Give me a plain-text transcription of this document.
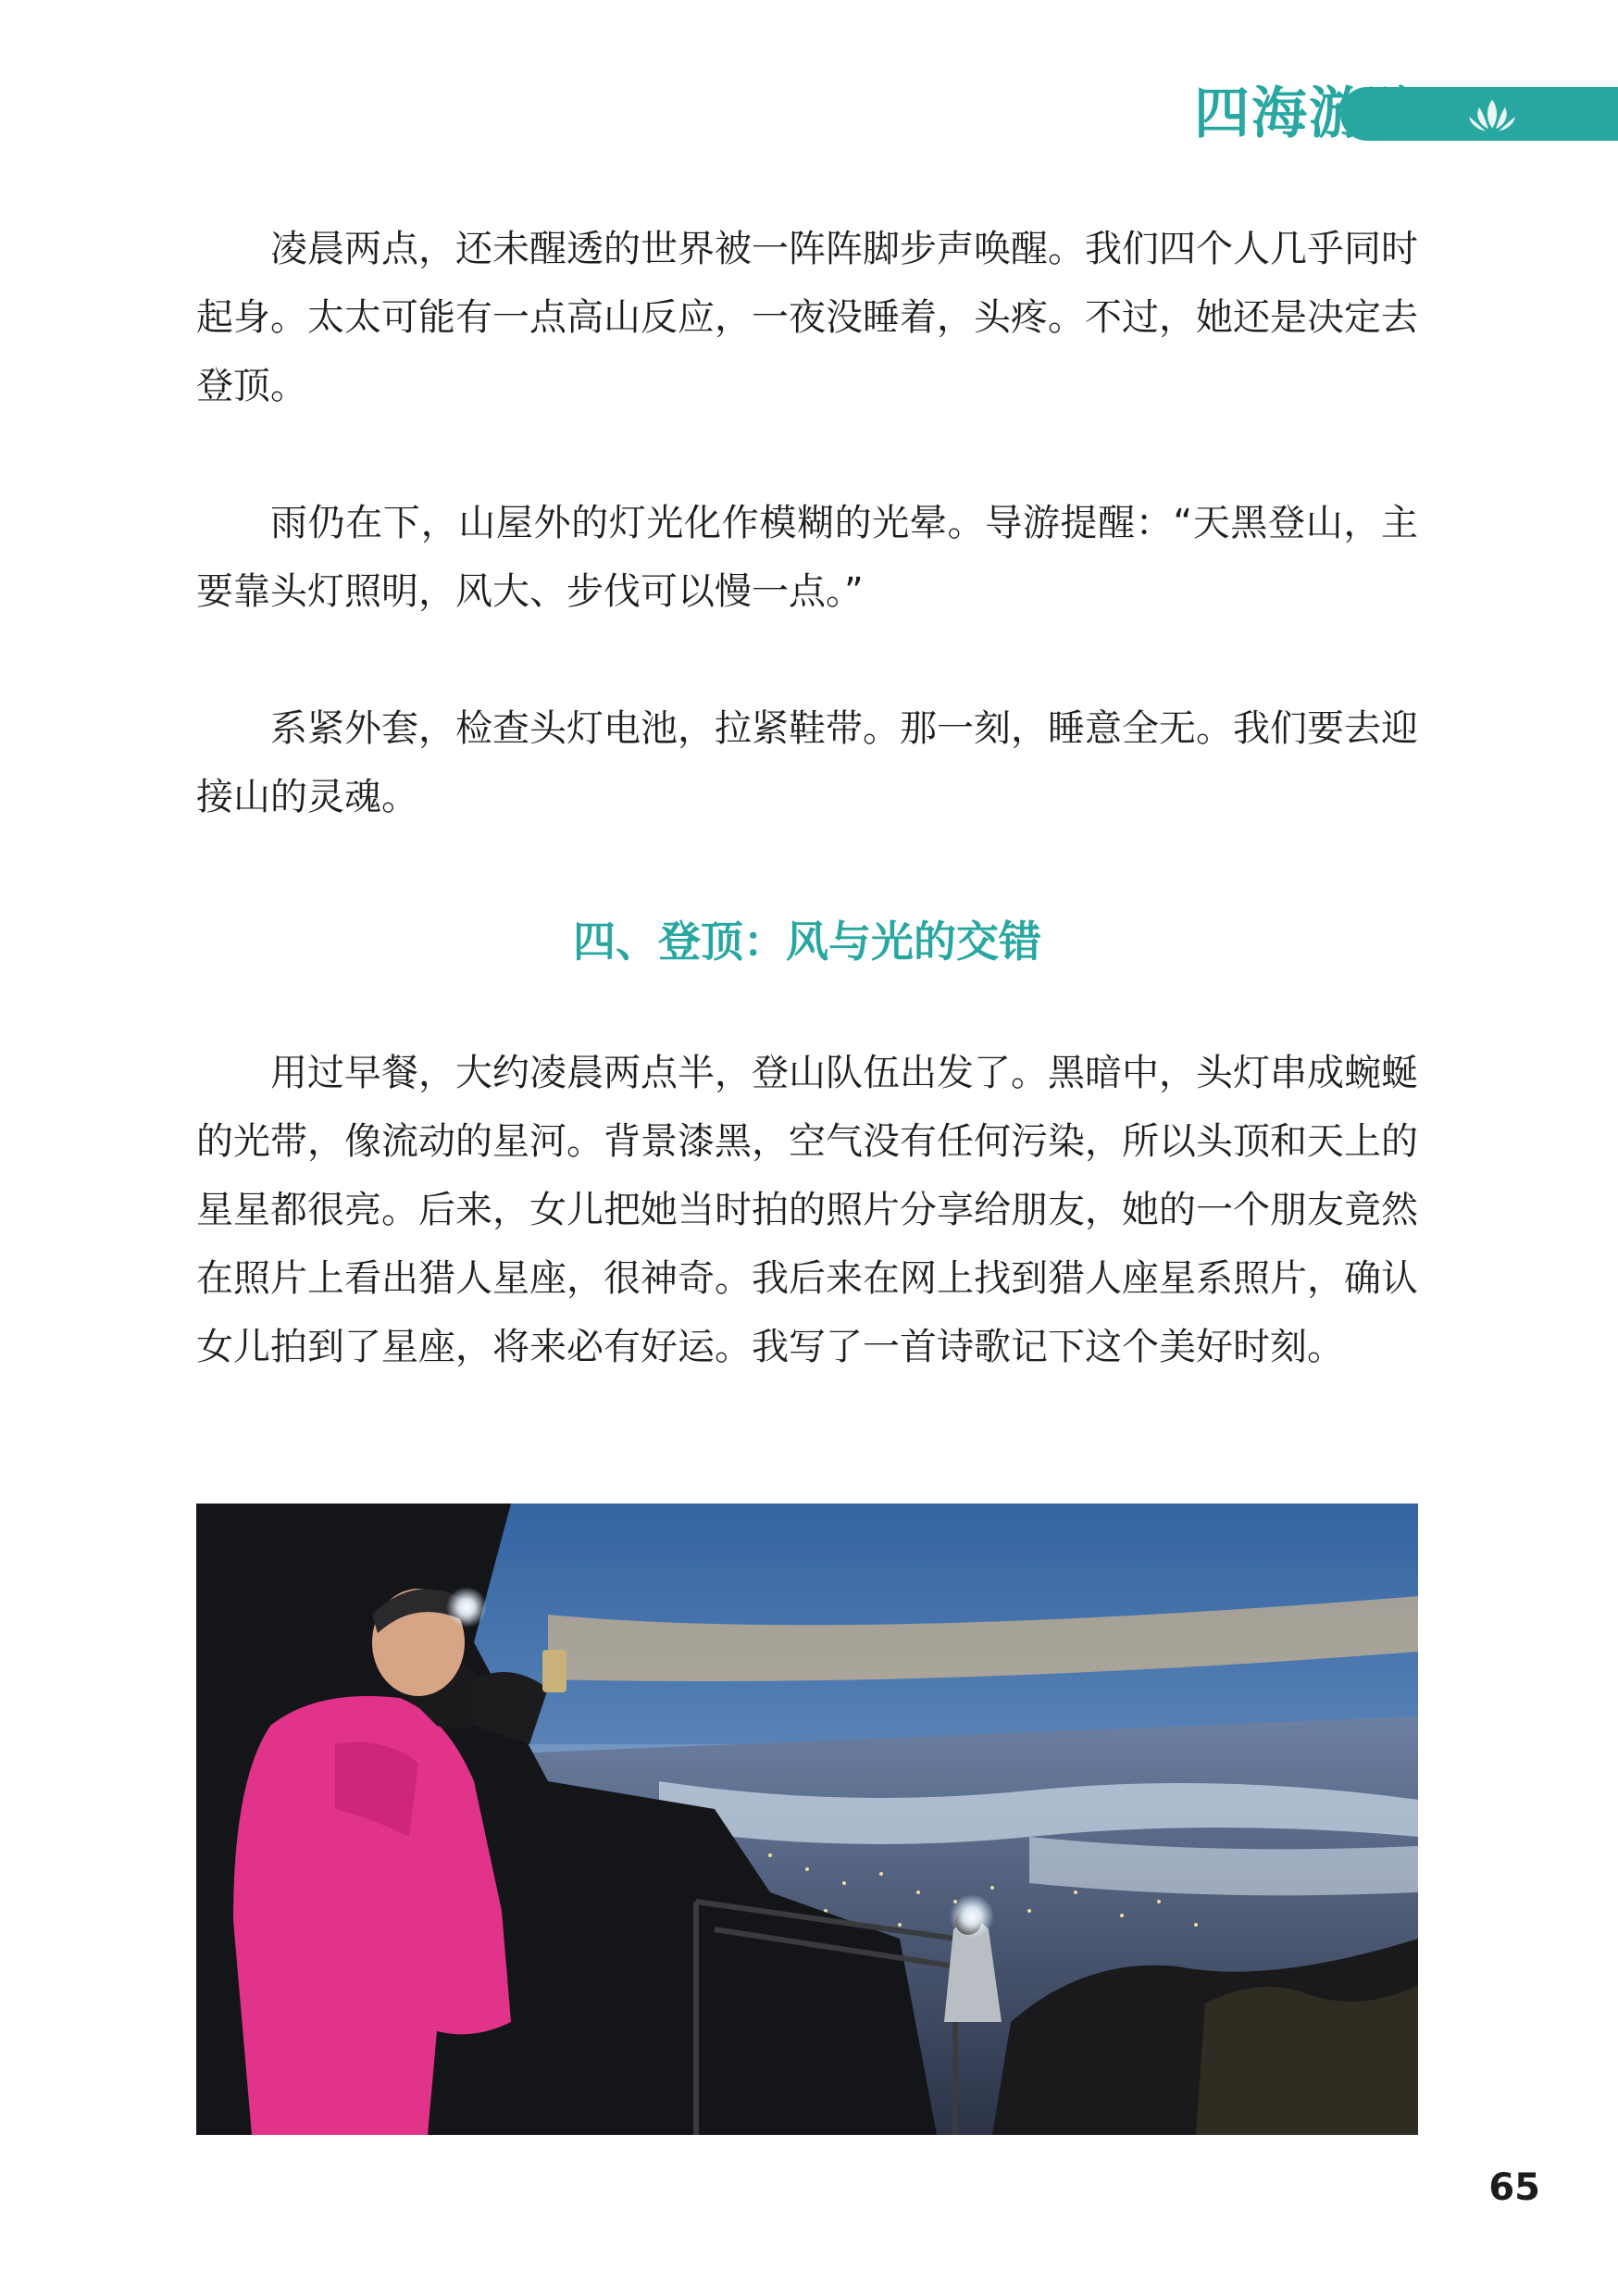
四海游踪

凌晨两点，还未醒透的世界被一阵阵脚步声唤醒。我们四个人几乎同时起身。太太可能有一点高山反应，一夜没睡着，头疼。不过，她还是决定去登顶。

雨仍在下，山屋外的灯光化作模糊的光晕。导游提醒：“天黑登山，主要靠头灯照明，风大、步伐可以慢一点。”

系紧外套，检查头灯电池，拉紧鞋带。那一刻，睡意全无。我们要去迎接山的灵魂。

四、登顶：风与光的交错

用过早餐，大约凌晨两点半，登山队伍出发了。黑暗中，头灯串成蜿蜒的光带，像流动的星河。背景漆黑，空气没有任何污染，所以头顶和天上的星星都很亮。后来，女儿把她当时拍的照片分享给朋友，她的一个朋友竟然在照片上看出猎人星座，很神奇。我后来在网上找到猎人座星系照片，确认女儿拍到了星座，将来必有好运。我写了一首诗歌记下这个美好时刻。

65
